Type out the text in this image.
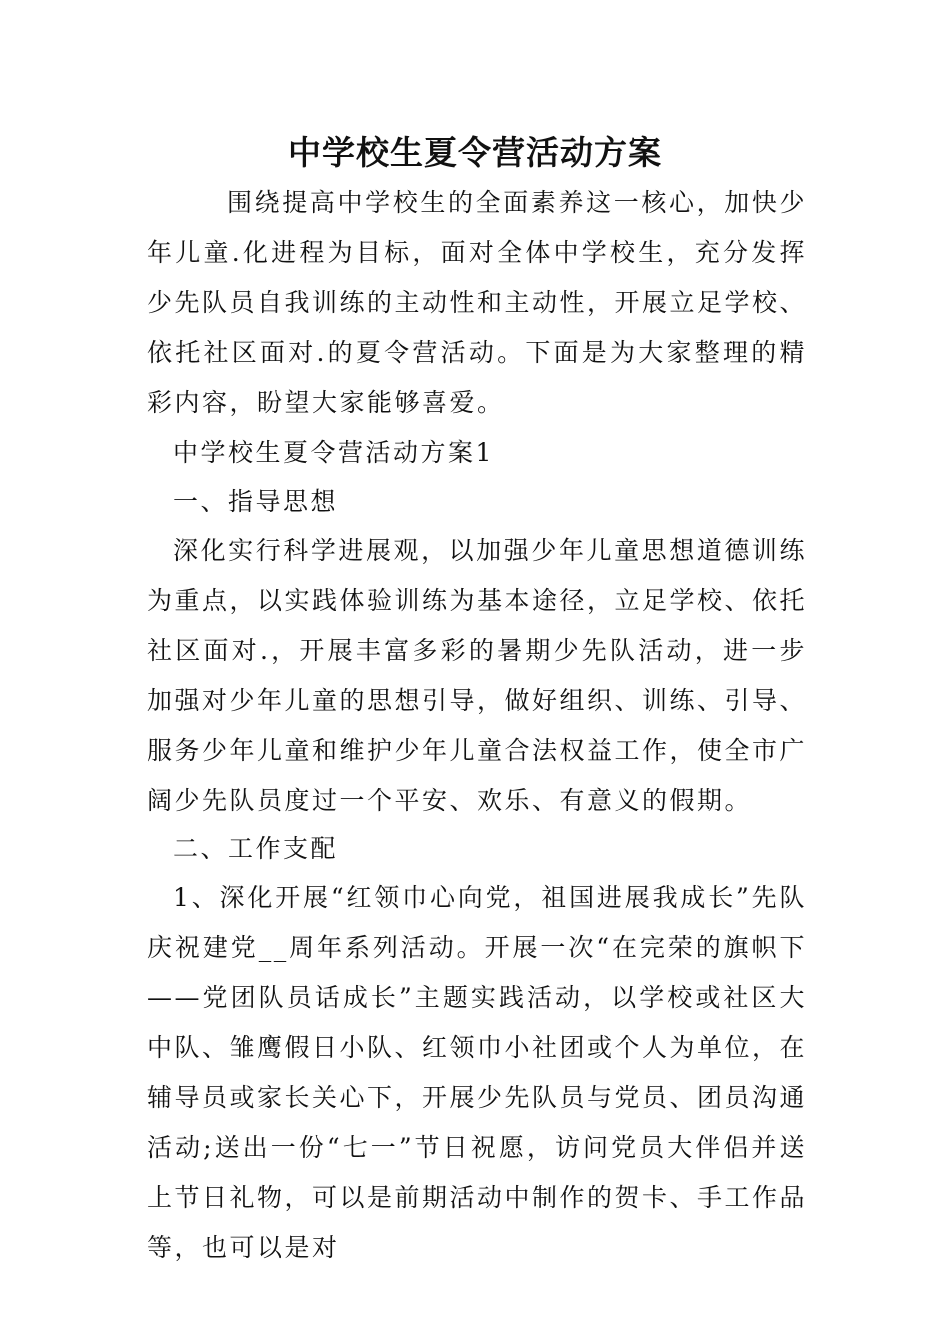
中学校生夏令营活动方案

围绕提高中学校生的全面素养这一核心，加快少年儿童.化进程为目标，面对全体中学校生，充分发挥少先队员自我训练的主动性和主动性，开展立足学校、依托社区面对.的夏令营活动。下面是为大家整理的精彩内容，盼望大家能够喜爱。

中学校生夏令营活动方案1

一、指导思想

深化实行科学进展观，以加强少年儿童思想道德训练为重点，以实践体验训练为基本途径，立足学校、依托社区面对.，开展丰富多彩的暑期少先队活动，进一步加强对少年儿童的思想引导，做好组织、训练、引导、服务少年儿童和维护少年儿童合法权益工作，使全市广阔少先队员度过一个平安、欢乐、有意义的假期。

二、工作支配

1、深化开展“红领巾心向党，祖国进展我成长”先队庆祝建党__周年系列活动。开展一次“在完荣的旗帜下——党团队员话成长”主题实践活动，以学校或社区大中队、雏鹰假日小队、红领巾小社团或个人为单位，在辅导员或家长关心下，开展少先队员与党员、团员沟通活动;送出一份“七一”节日祝愿，访问党员大伴侣并送上节日礼物，可以是前期活动中制作的贺卡、手工作品等，也可以是对
